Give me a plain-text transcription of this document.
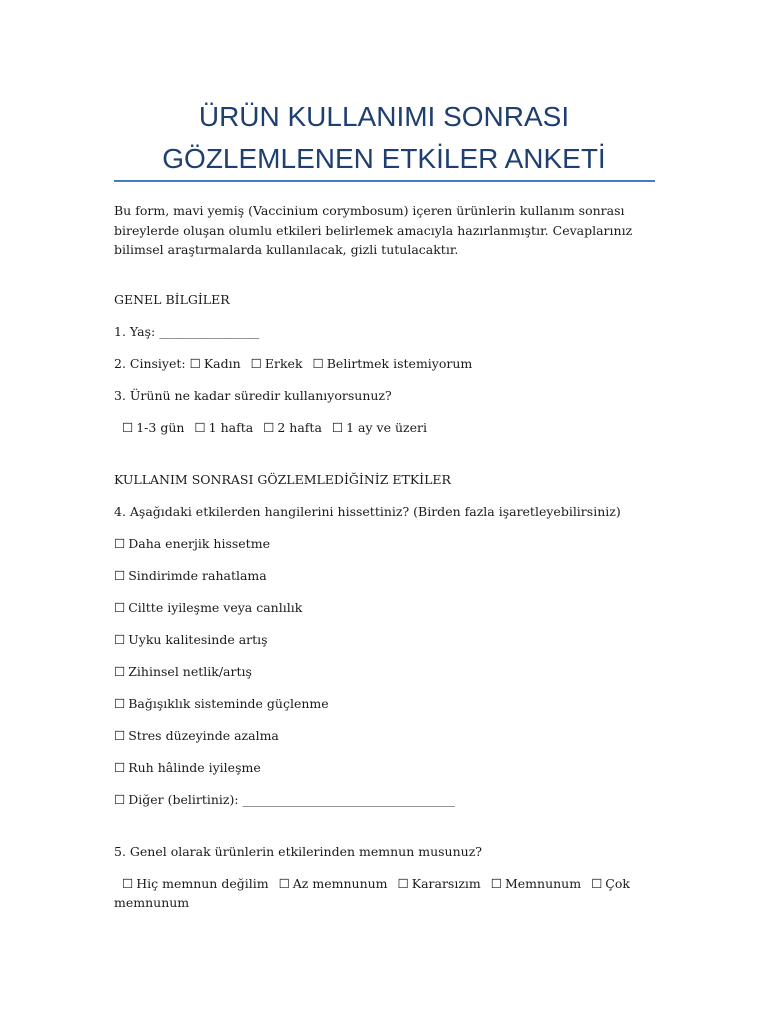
ÜRÜN KULLANIMI SONRASI
GÖZLEMLENEN ETKİLER ANKETİ

Bu form, mavi yemiş (Vaccinium corymbosum) içeren ürünlerin kullanım sonrası bireylerde oluşan olumlu etkileri belirlemek amacıyla hazırlanmıştır. Cevaplarınız bilimsel araştırmalarda kullanılacak, gizli tutulacaktır.

GENEL BİLGİLER

1. Yaş: ________________

2. Cinsiyet: ☐ Kadın ☐ Erkek ☐ Belirtmek istemiyorum

3. Ürünü ne kadar süredir kullanıyorsunuz?

☐ 1-3 gün ☐ 1 hafta ☐ 2 hafta ☐ 1 ay ve üzeri

KULLANIM SONRASI GÖZLEMLEDİĞİNİZ ETKİLER

4. Aşağıdaki etkilerden hangilerini hissettiniz? (Birden fazla işaretleyebilirsiniz)

☐ Daha enerjik hissetme

☐ Sindirimde rahatlama

☐ Ciltte iyileşme veya canlılık

☐ Uyku kalitesinde artış

☐ Zihinsel netlik/artış

☐ Bağışıklık sisteminde güçlenme

☐ Stres düzeyinde azalma

☐ Ruh hâlinde iyileşme

☐ Diğer (belirtiniz): __________________________________

5. Genel olarak ürünlerin etkilerinden memnun musunuz?

☐ Hiç memnun değilim ☐ Az memnunum ☐ Kararsızım ☐ Memnunum ☐ Çok memnunum
